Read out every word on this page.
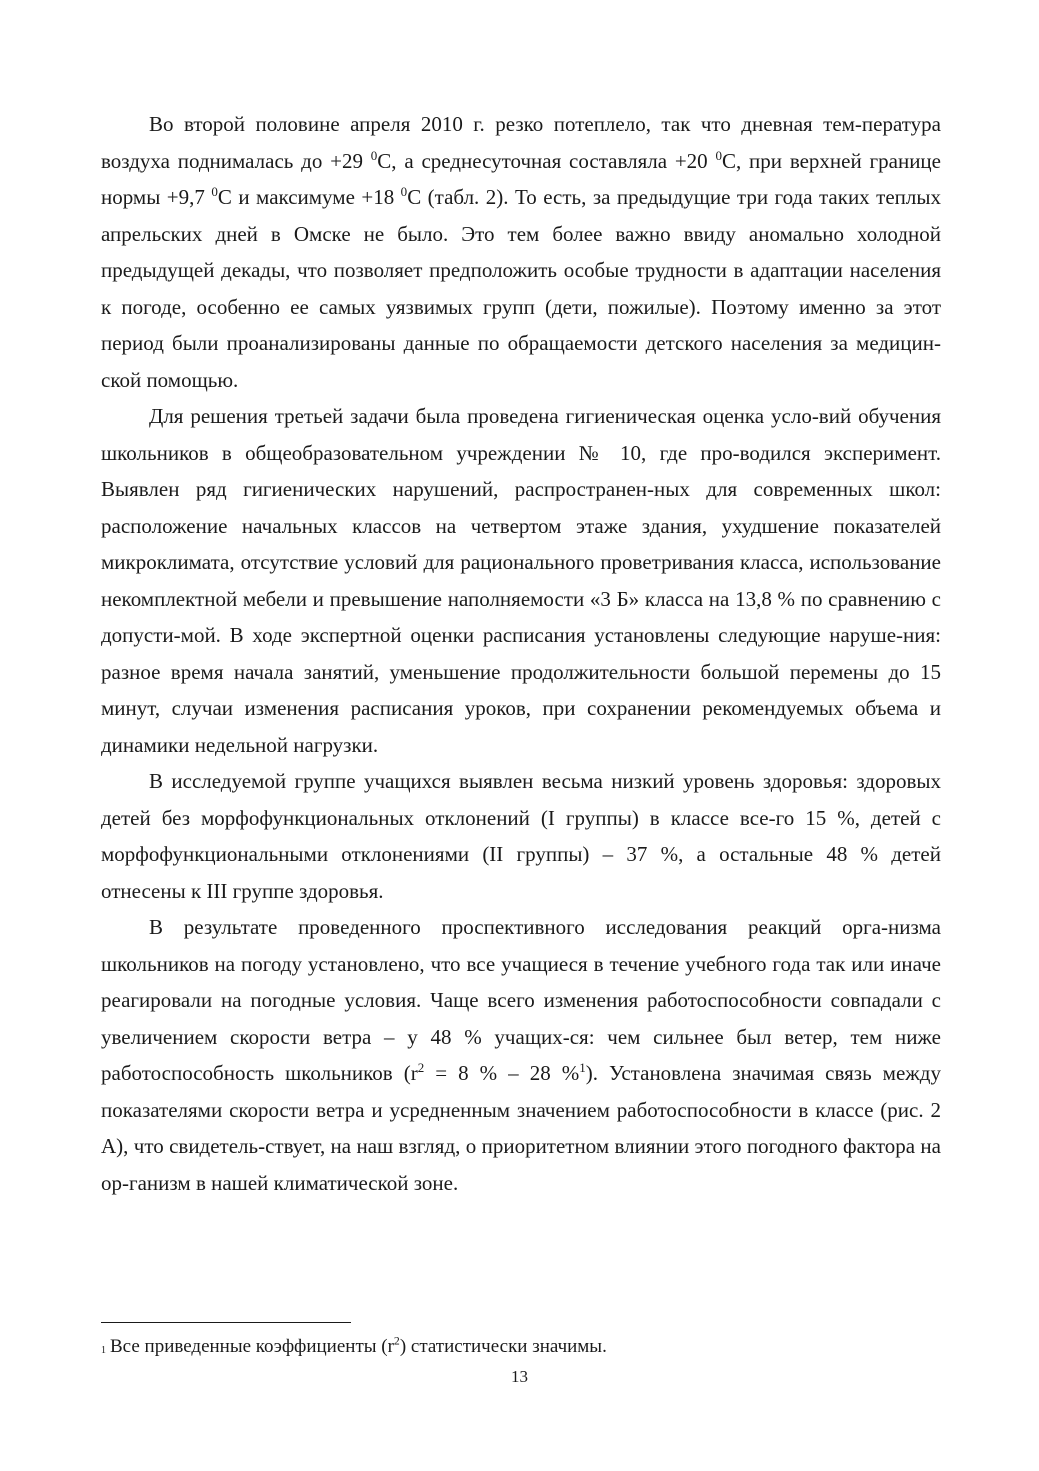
Во второй половине апреля 2010 г. резко потеплело, так что дневная тем-пература воздуха поднималась до +29 $^0$С, а среднесуточная составляла +20 $^0$С, при верхней границе нормы +9,7 $^0$С и максимуме +18 $^0$С (табл. 2). То есть, за предыдущие три года таких теплых апрельских дней в Омске не было. Это тем более важно ввиду аномально холодной предыдущей декады, что позволяет предположить особые трудности в адаптации населения к погоде, особенно ее самых уязвимых групп (дети, пожилые). Поэтому именно за этот период были проанализированы данные по обращаемости детского населения за медицин-ской помощью.

Для решения третьей задачи была проведена гигиеническая оценка усло-вий обучения школьников в общеобразовательном учреждении № 10, где про-водился эксперимент. Выявлен ряд гигиенических нарушений, распространен-ных для современных школ: расположение начальных классов на четвертом этаже здания, ухудшение показателей микроклимата, отсутствие условий для рационального проветривания класса, использование некомплектной мебели и превышение наполняемости «3 Б» класса на 13,8 % по сравнению с допусти-мой. В ходе экспертной оценки расписания установлены следующие наруше-ния: разное время начала занятий, уменьшение продолжительности большой перемены до 15 минут, случаи изменения расписания уроков, при сохранении рекомендуемых объема и динамики недельной нагрузки.

В исследуемой группе учащихся выявлен весьма низкий уровень здоровья: здоровых детей без морфофункциональных отклонений (I группы) в классе все-го 15 %, детей с морфофункциональными отклонениями (II группы) – 37 %, а остальные 48 % детей отнесены к III группе здоровья.

В результате проведенного проспективного исследования реакций орга-низма школьников на погоду установлено, что все учащиеся в течение учебного года так или иначе реагировали на погодные условия. Чаще всего изменения работоспособности совпадали с увеличением скорости ветра – у 48 % учащих-ся: чем сильнее был ветер, тем ниже работоспособность школьников ($r^2 = 8$ % – 28 %$^1$). Установлена значимая связь между показателями скорости ветра и усредненным значением работоспособности в классе (рис. 2 А), что свидетель-ствует, на наш взгляд, о приоритетном влиянии этого погодного фактора на ор-ганизм в нашей климатической зоне.

$^1$ Все приведенные коэффициенты $(r^2)$ статистически значимы.
13
